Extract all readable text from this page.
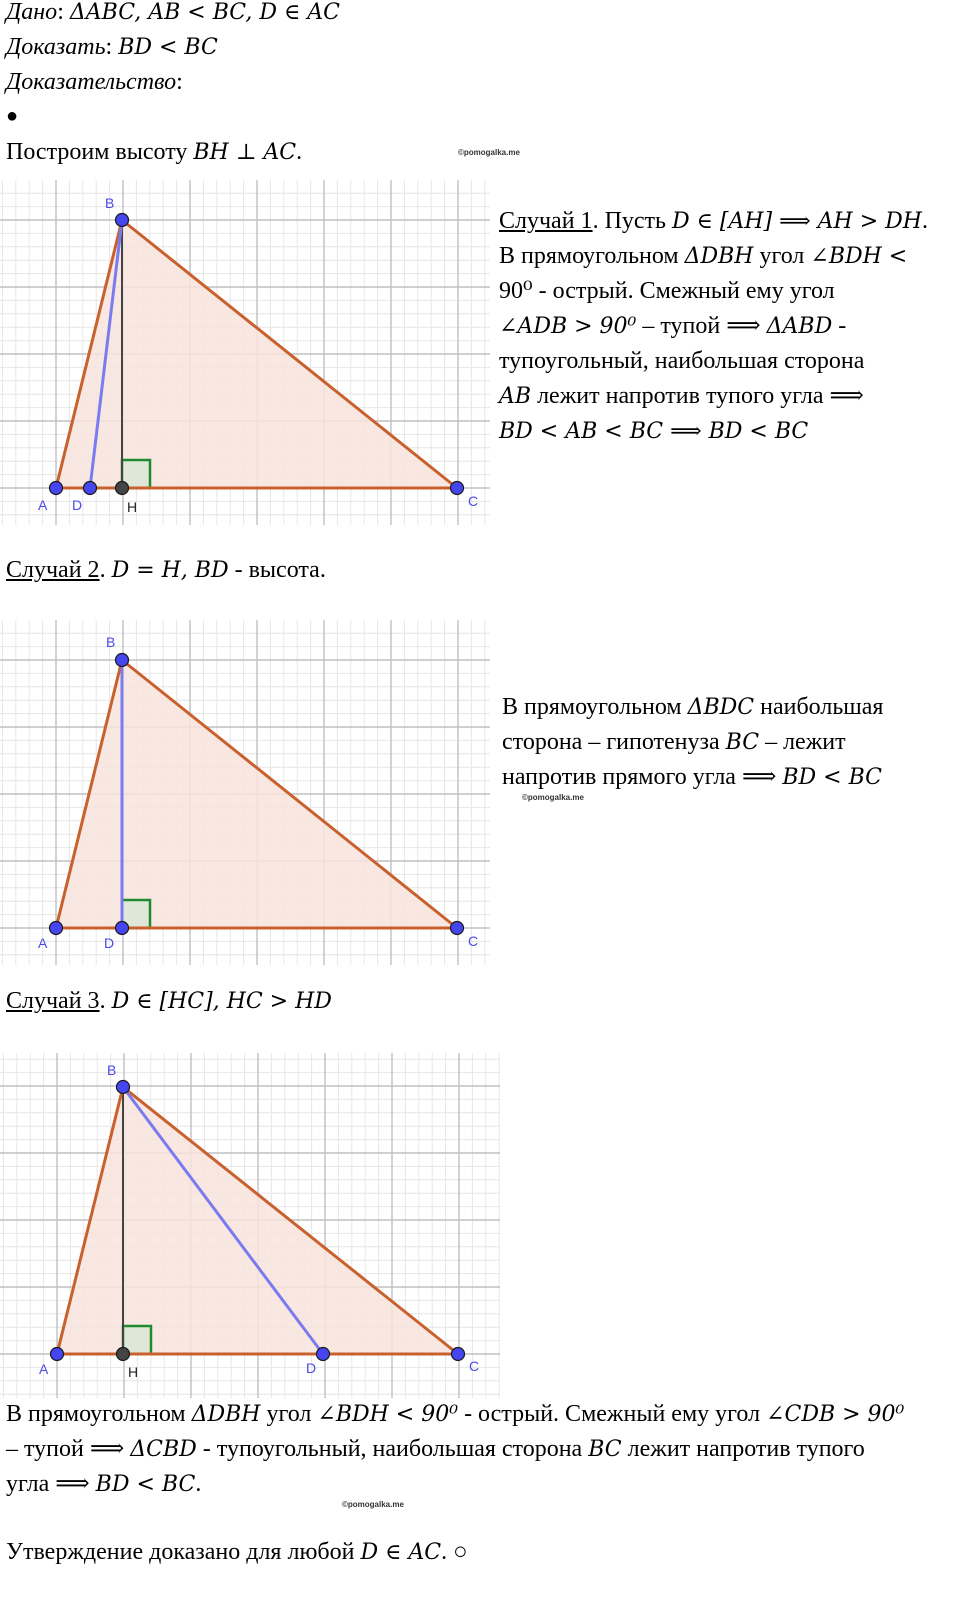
Дано: ΔABC, AB < BC, D ∈ AC
Доказать: BD < BC
Доказательство:
●
Построим высоту BH ⊥ AC.	©pomogalka.me
B
A D	H	C
Случай 1. Пусть D ∈ [AH] ⟹ AH > DH.
В прямоугольном ΔDBH угол ∠BDH <
90⁰ - острый. Смежный ему угол
∠ADB > 90⁰ – тупой ⟹ ΔABD -
тупоугольный, наибольшая сторона
AB лежит напротив тупого угла ⟹
BD < AB < BC ⟹ BD < BC
Случай 2. D = H, BD - высота.
B
A	D	C
В прямоугольном ΔBDC наибольшая
сторона – гипотенуза BC – лежит
напротив прямого угла ⟹ BD < BC
©pomogalka.me
Случай 3. D ∈ [HC], HC > HD
B
A	H	D	C
В прямоугольном ΔDBH угол ∠BDH < 90⁰ - острый. Смежный ему угол ∠CDB > 90⁰
– тупой ⟹ ΔCBD - тупоугольный, наибольшая сторона BC лежит напротив тупого
угла ⟹ BD < BC.
©pomogalka.me
Утверждение доказано для любой D ∈ AC. ○
